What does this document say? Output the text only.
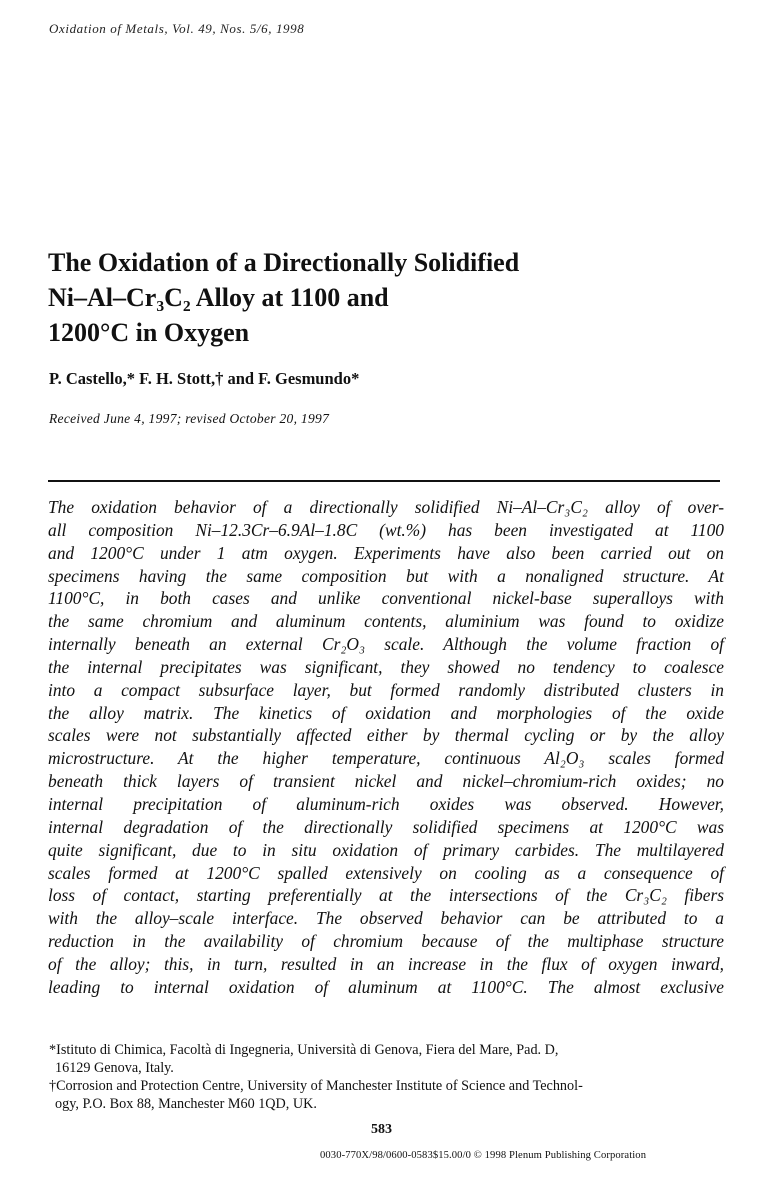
Oxidation of Metals, Vol. 49, Nos. 5/6, 1998
The Oxidation of a Directionally Solidified
Ni–Al–Cr₃C₂ Alloy at 1100 and
1200°C in Oxygen
P. Castello,* F. H. Stott,† and F. Gesmundo*
Received June 4, 1997; revised October 20, 1997
The oxidation behavior of a directionally solidified Ni–Al–Cr₃C₂ alloy of over-
all composition Ni–12.3Cr–6.9Al–1.8C (wt.%) has been investigated at 1100
and 1200°C under 1 atm oxygen. Experiments have also been carried out on
specimens having the same composition but with a nonaligned structure. At
1100°C, in both cases and unlike conventional nickel-base superalloys with
the same chromium and aluminum contents, aluminium was found to oxidize
internally beneath an external Cr₂O₃ scale. Although the volume fraction of
the internal precipitates was significant, they showed no tendency to coalesce
into a compact subsurface layer, but formed randomly distributed clusters in
the alloy matrix. The kinetics of oxidation and morphologies of the oxide
scales were not substantially affected either by thermal cycling or by the alloy
microstructure. At the higher temperature, continuous Al₂O₃ scales formed
beneath thick layers of transient nickel and nickel–chromium-rich oxides; no
internal precipitation of aluminum-rich oxides was observed. However,
internal degradation of the directionally solidified specimens at 1200°C was
quite significant, due to in situ oxidation of primary carbides. The multilayered
scales formed at 1200°C spalled extensively on cooling as a consequence of
loss of contact, starting preferentially at the intersections of the Cr₃C₂ fibers
with the alloy–scale interface. The observed behavior can be attributed to a
reduction in the availability of chromium because of the multiphase structure
of the alloy; this, in turn, resulted in an increase in the flux of oxygen inward,
leading to internal oxidation of aluminum at 1100°C. The almost exclusive
*Istituto di Chimica, Facoltà di Ingegneria, Università di Genova, Fiera del Mare, Pad. D,
16129 Genova, Italy.
†Corrosion and Protection Centre, University of Manchester Institute of Science and Technol-
ogy, P.O. Box 88, Manchester M60 1QD, UK.
583
0030-770X/98/0600-0583$15.00/0 © 1998 Plenum Publishing Corporation
